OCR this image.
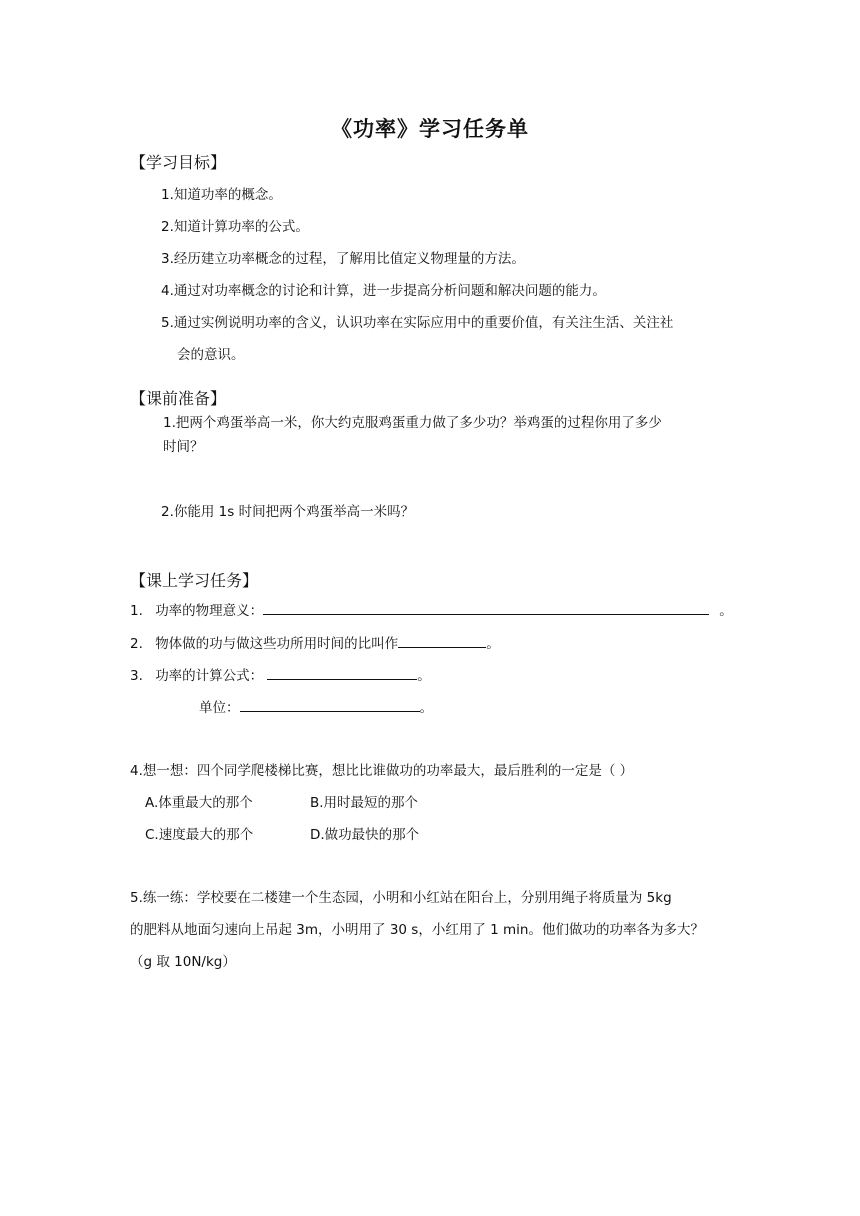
《功率》学习任务单
【学习目标】
1.知道功率的概念。
2.知道计算功率的公式。
3.经历建立功率概念的过程，了解用比值定义物理量的方法。
4.通过对功率概念的讨论和计算，进一步提高分析问题和解决问题的能力。
5.通过实例说明功率的含义，认识功率在实际应用中的重要价值，有关注生活、关注社
会的意识。
【课前准备】
1.把两个鸡蛋举高一米，你大约克服鸡蛋重力做了多少功？举鸡蛋的过程你用了多少
时间？
2.你能用 1s 时间把两个鸡蛋举高一米吗？
【课上学习任务】
1. 功率的物理意义：	。
2. 物体做的功与做这些功所用时间的比叫作	。
3. 功率的计算公式：	。
单位：	。
4.想一想：四个同学爬楼梯比赛，想比比谁做功的功率最大，最后胜利的一定是（ ）
A.体重最大的那个	B.用时最短的那个
C.速度最大的那个	D.做功最快的那个
5.练一练：学校要在二楼建一个生态园，小明和小红站在阳台上，分别用绳子将质量为 5kg
的肥料从地面匀速向上吊起 3m，小明用了 30 s，小红用了 1 min。他们做功的功率各为多大？
（g 取 10N/kg）
